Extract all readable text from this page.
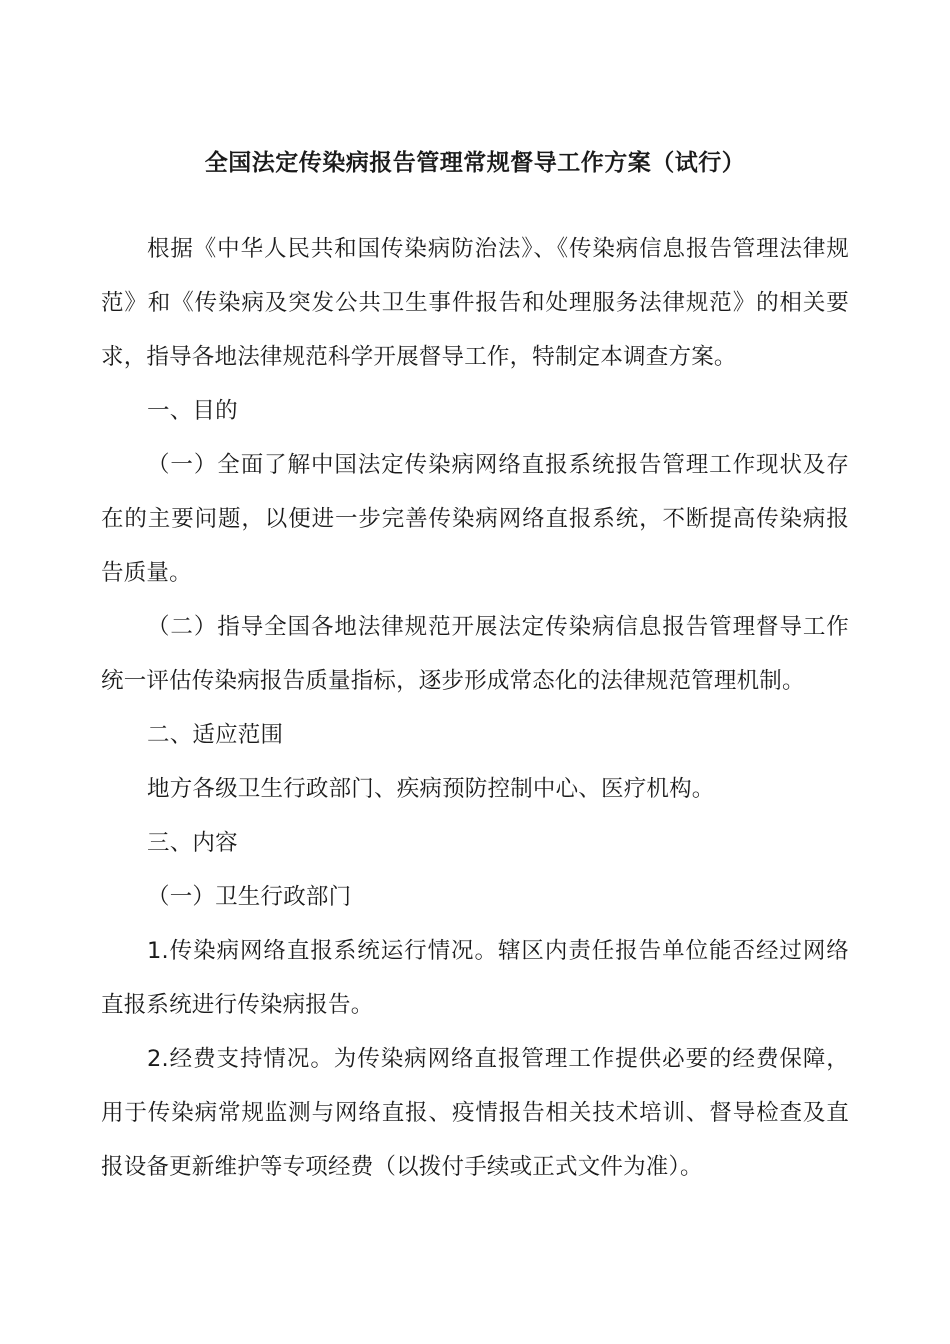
全国法定传染病报告管理常规督导工作方案（试行）

根据《中华人民共和国传染病防治法》、《传染病信息报告管理法律规范》和《传染病及突发公共卫生事件报告和处理服务法律规范》的相关要求，指导各地法律规范科学开展督导工作，特制定本调查方案。

一、目的

（一）全面了解中国法定传染病网络直报系统报告管理工作现状及存在的主要问题，以便进一步完善传染病网络直报系统，不断提高传染病报告质量。

（二）指导全国各地法律规范开展法定传染病信息报告管理督导工作统一评估传染病报告质量指标，逐步形成常态化的法律规范管理机制。

二、适应范围

地方各级卫生行政部门、疾病预防控制中心、医疗机构。

三、内容

（一）卫生行政部门

1.传染病网络直报系统运行情况。辖区内责任报告单位能否经过网络直报系统进行传染病报告。

2.经费支持情况。为传染病网络直报管理工作提供必要的经费保障，用于传染病常规监测与网络直报、疫情报告相关技术培训、督导检查及直报设备更新维护等专项经费（以拨付手续或正式文件为准）。
